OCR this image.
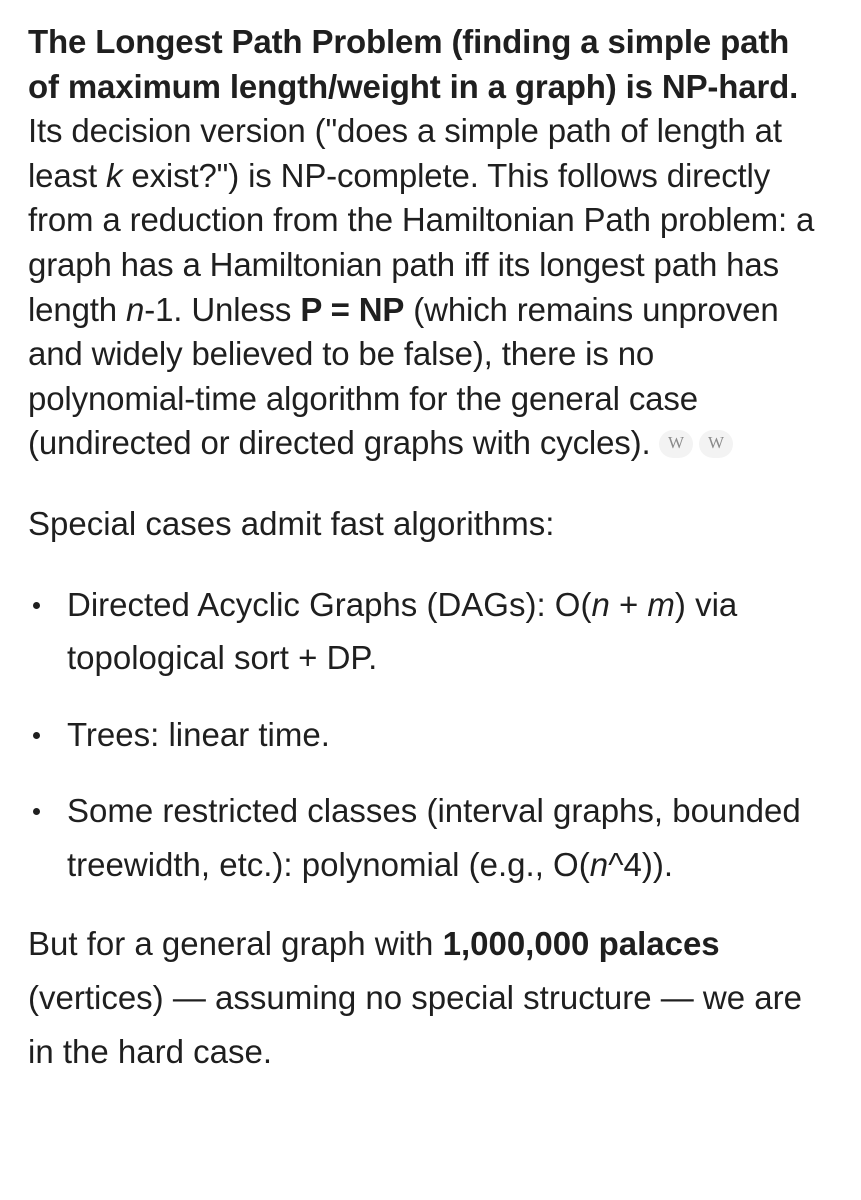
The Longest Path Problem (finding a simple path of maximum length/weight in a graph) is NP-hard. Its decision version ("does a simple path of length at least k exist?") is NP-complete. This follows directly from a reduction from the Hamiltonian Path problem: a graph has a Hamiltonian path iff its longest path has length n-1. Unless P = NP (which remains unproven and widely believed to be false), there is no polynomial-time algorithm for the general case (undirected or directed graphs with cycles).	W	W

Special cases admit fast algorithms:

Directed Acyclic Graphs (DAGs): O(n + m) via topological sort + DP.
Trees: linear time.
Some restricted classes (interval graphs, bounded treewidth, etc.): polynomial (e.g., O(n^4)).

But for a general graph with 1,000,000 palaces (vertices) — assuming no special structure — we are in the hard case.
